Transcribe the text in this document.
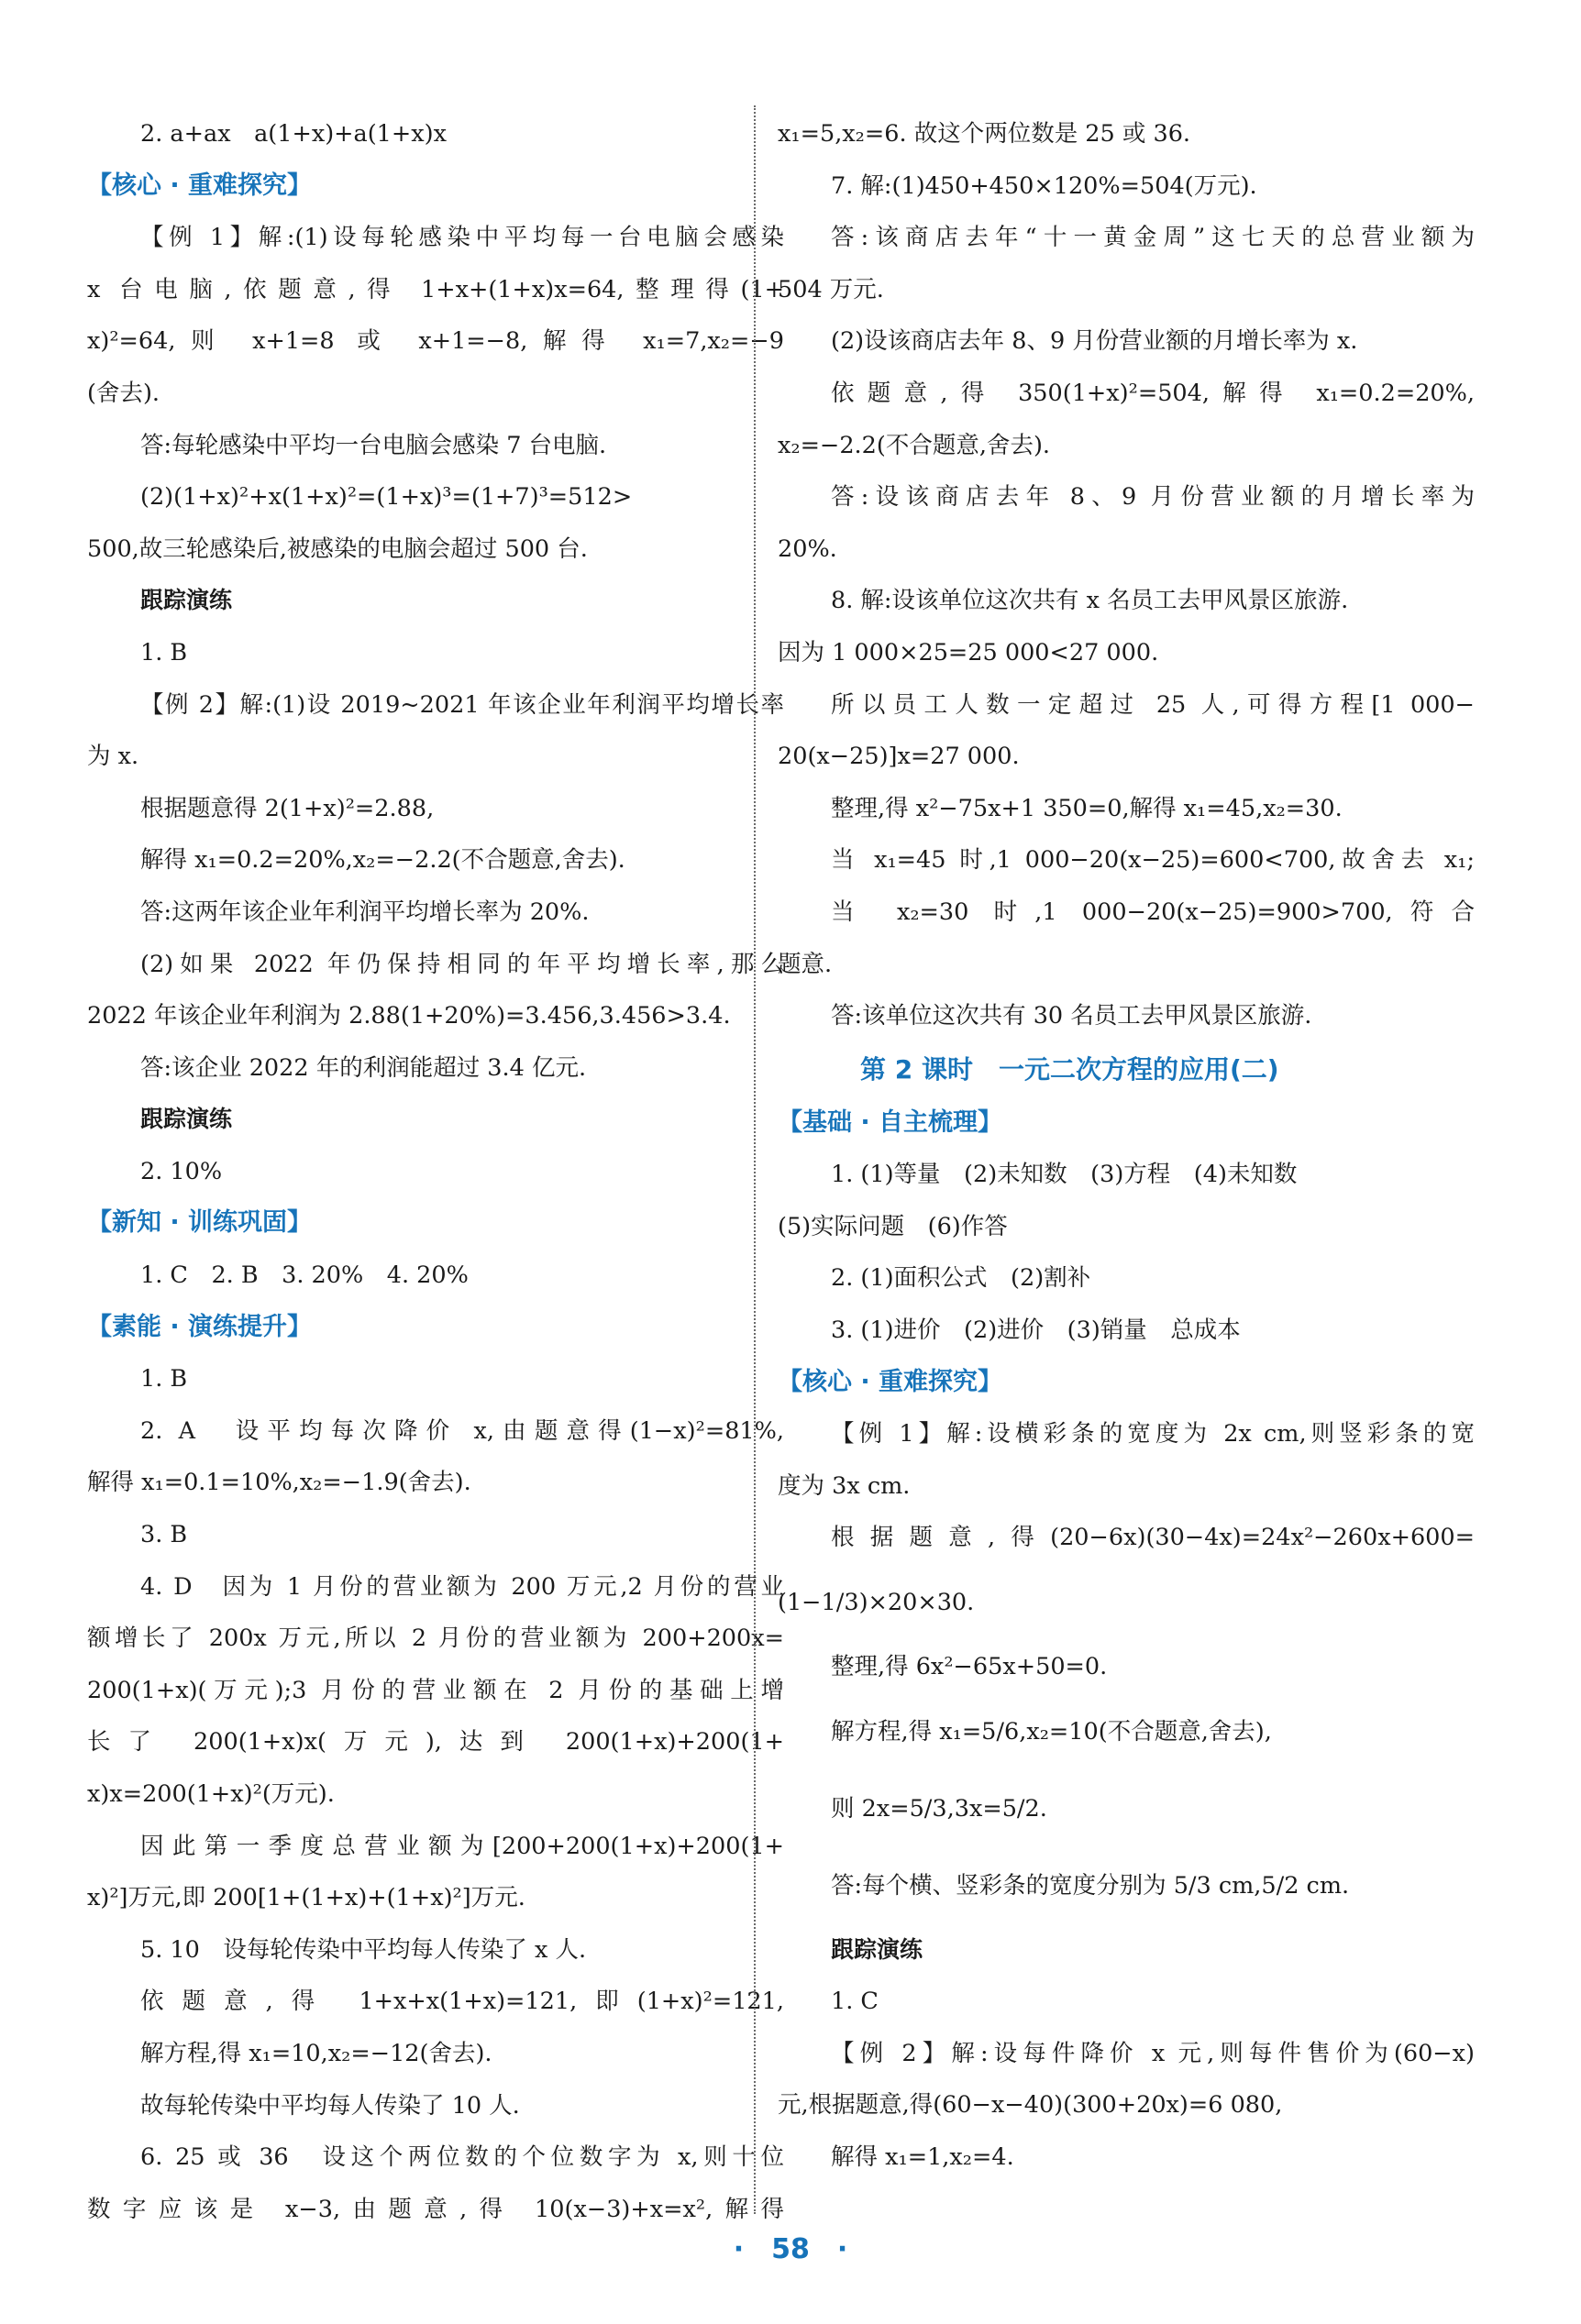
2. a+ax　a(1+x)+a(1+x)x
【核心 · 重难探究】
【例 1】解:(1)设每轮感染中平均每一台电脑会感染
x 台电脑,依题意,得 1+x+(1+x)x=64,整理得(1+
x)²=64,则 x+1=8 或 x+1=−8,解得 x₁=7,x₂=−9
(舍去).
答:每轮感染中平均一台电脑会感染 7 台电脑.
(2)(1+x)²+x(1+x)²=(1+x)³=(1+7)³=512>
500,故三轮感染后,被感染的电脑会超过 500 台.
跟踪演练
1. B
【例 2】解:(1)设 2019~2021 年该企业年利润平均增长率
为 x.
根据题意得 2(1+x)²=2.88,
解得 x₁=0.2=20%,x₂=−2.2(不合题意,舍去).
答:这两年该企业年利润平均增长率为 20%.
(2)如果 2022 年仍保持相同的年平均增长率,那么
2022 年该企业年利润为 2.88(1+20%)=3.456,3.456>3.4.
答:该企业 2022 年的利润能超过 3.4 亿元.
跟踪演练
2. 10%
【新知 · 训练巩固】
1. C　2. B　3. 20%　4. 20%
【素能 · 演练提升】
1. B
2. A　设平均每次降价 x,由题意得(1−x)²=81%,
解得 x₁=0.1=10%,x₂=−1.9(舍去).
3. B
4. D　因为 1 月份的营业额为 200 万元,2 月份的营业
额增长了 200x 万元,所以 2 月份的营业额为 200+200x=
200(1+x)(万元);3 月份的营业额在 2 月份的基础上增
长了 200(1+x)x(万元),达到 200(1+x)+200(1+
x)x=200(1+x)²(万元).
因此第一季度总营业额为[200+200(1+x)+200(1+
x)²]万元,即 200[1+(1+x)+(1+x)²]万元.
5. 10　设每轮传染中平均每人传染了 x 人.
依题意,得 1+x+x(1+x)=121,即(1+x)²=121,
解方程,得 x₁=10,x₂=−12(舍去).
故每轮传染中平均每人传染了 10 人.
6. 25 或 36　设这个两位数的个位数字为 x,则十位
数字应该是 x−3,由题意,得 10(x−3)+x=x²,解得
x₁=5,x₂=6. 故这个两位数是 25 或 36.
7. 解:(1)450+450×120%=504(万元).
答:该商店去年“十一黄金周”这七天的总营业额为
504 万元.
(2)设该商店去年 8、9 月份营业额的月增长率为 x.
依题意,得 350(1+x)²=504,解得 x₁=0.2=20%,
x₂=−2.2(不合题意,舍去).
答:设该商店去年 8、9 月份营业额的月增长率为
20%.
8. 解:设该单位这次共有 x 名员工去甲风景区旅游.
因为 1 000×25=25 000<27 000.
所以员工人数一定超过 25 人,可得方程[1 000−
20(x−25)]x=27 000.
整理,得 x²−75x+1 350=0,解得 x₁=45,x₂=30.
当 x₁=45 时,1 000−20(x−25)=600<700,故舍去 x₁;
当 x₂=30 时,1 000−20(x−25)=900>700,符合
题意.
答:该单位这次共有 30 名员工去甲风景区旅游.
第 2 课时　一元二次方程的应用(二)
【基础 · 自主梳理】
1. (1)等量　(2)未知数　(3)方程　(4)未知数
(5)实际问题　(6)作答
2. (1)面积公式　(2)割补
3. (1)进价　(2)进价　(3)销量　总成本
【核心 · 重难探究】
【例 1】解:设横彩条的宽度为 2x cm,则竖彩条的宽
度为 3x cm.
根据题意,得(20−6x)(30−4x)=24x²−260x+600=
(1−1/3)×20×30.
整理,得 6x²−65x+50=0.
解方程,得 x₁=5/6,x₂=10(不合题意,舍去),
则 2x=5/3,3x=5/2.
答:每个横、竖彩条的宽度分别为 5/3 cm,5/2 cm.
跟踪演练
1. C
【例 2】解:设每件降价 x 元,则每件售价为(60−x)
元,根据题意,得(60−x−40)(300+20x)=6 080,
解得 x₁=1,x₂=4.
·　58　·
